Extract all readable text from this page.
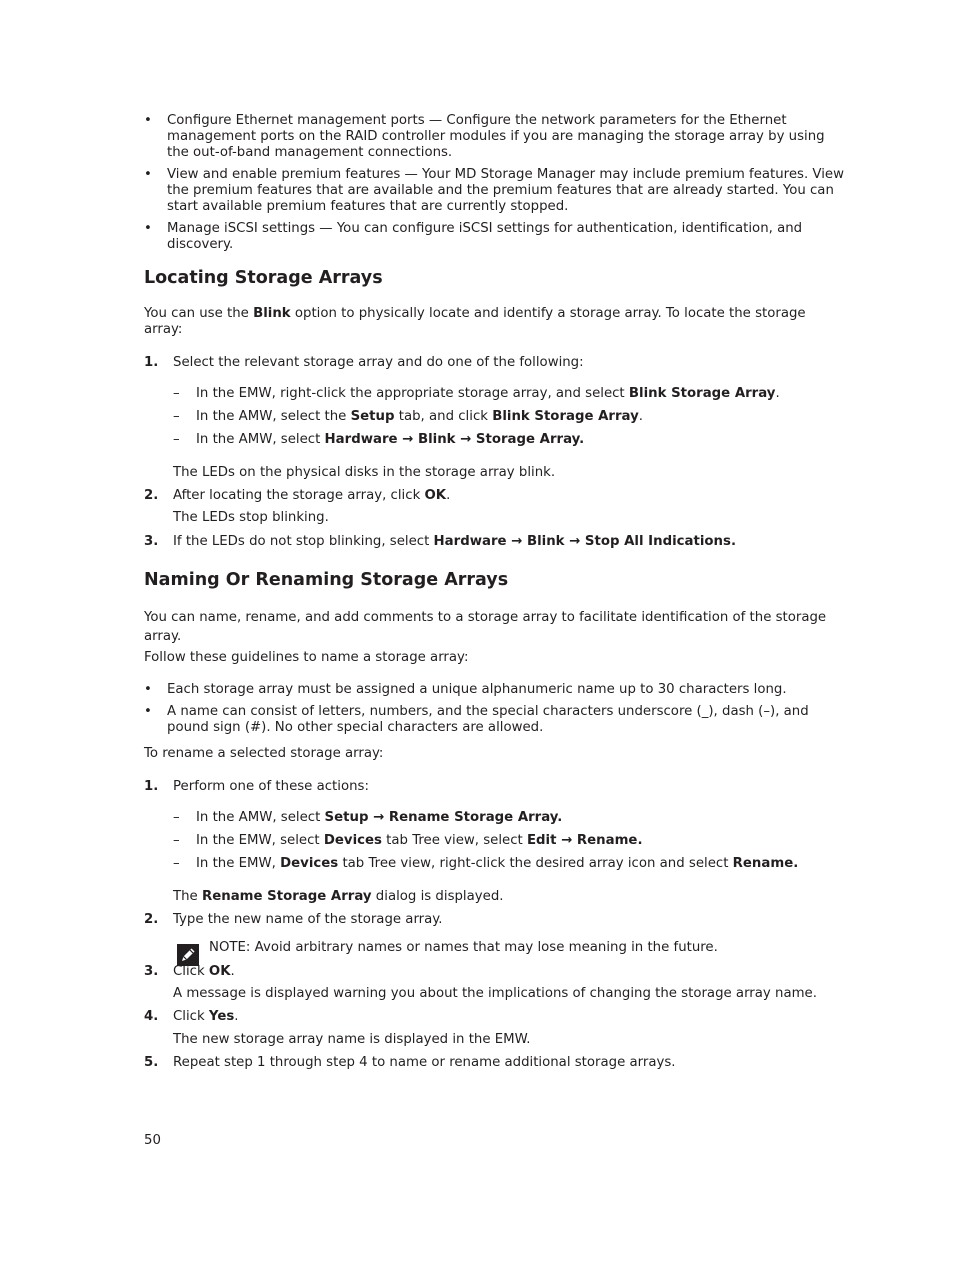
• Configure Ethernet management ports — Configure the network parameters for the Ethernet management ports on the RAID controller modules if you are managing the storage array by using the out-of-band management connections.
• View and enable premium features — Your MD Storage Manager may include premium features. View the premium features that are available and the premium features that are already started. You can start available premium features that are currently stopped.
• Manage iSCSI settings — You can configure iSCSI settings for authentication, identification, and discovery.
Locating Storage Arrays

You can use the Blink option to physically locate and identify a storage array. To locate the storage array:

1. Select the relevant storage array and do one of the following:

– In the EMW, right-click the appropriate storage array, and select Blink Storage Array.
– In the AMW, select the Setup tab, and click Blink Storage Array.
– In the AMW, select Hardware → Blink → Storage Array.

The LEDs on the physical disks in the storage array blink.

2. After locating the storage array, click OK.

The LEDs stop blinking.

3. If the LEDs do not stop blinking, select Hardware → Blink → Stop All Indications.

Naming Or Renaming Storage Arrays

You can name, rename, and add comments to a storage array to facilitate identification of the storage array.

Follow these guidelines to name a storage array:

• Each storage array must be assigned a unique alphanumeric name up to 30 characters long.
• A name can consist of letters, numbers, and the special characters underscore (_), dash (–), and pound sign (#). No other special characters are allowed.

To rename a selected storage array:

1. Perform one of these actions:

– In the AMW, select Setup → Rename Storage Array.
– In the EMW, select Devices tab Tree view, select Edit → Rename.
– In the EMW, Devices tab Tree view, right-click the desired array icon and select Rename.

The Rename Storage Array dialog is displayed.

2. Type the new name of the storage array.

NOTE: Avoid arbitrary names or names that may lose meaning in the future.
3. Click OK.

A message is displayed warning you about the implications of changing the storage array name.

4. Click Yes.

The new storage array name is displayed in the EMW.

5. Repeat step 1 through step 4 to name or rename additional storage arrays.

50
